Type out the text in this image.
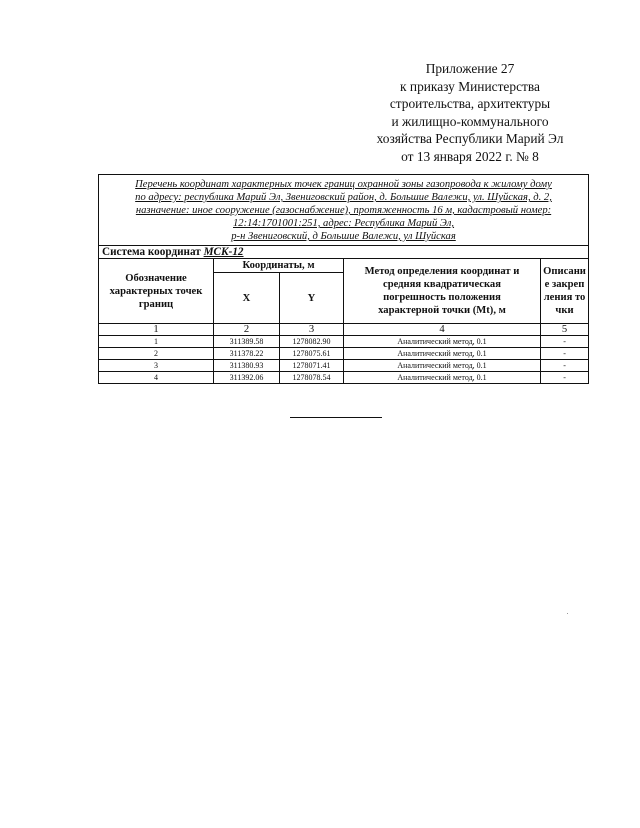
Приложение 27
к приказу Министерства
строительства, архитектуры
и жилищно-коммунального
хозяйства Республики Марий Эл
от 13 января 2022 г. № 8
Перечень координат характерных точек границ охранной зоны газопровода к жилому дому
по адресу: республика Марий Эл, Звениговский район, д. Большие Валежи, ул. Шуйская, д. 2,
назначение: иное сооружение (газоснабжение), протяженность 16 м, кадастровый номер:
12:14:1701001:251, адрес: Республика Марий Эл,
р-н Звениговский, д Большие Валежи, ул Шуйская				

Система координат МСК-12				
Обозначение характерных точек границ	Координаты, м		Метод определения координат и средняя квадратическая погрешность положения характерной точки (Mt), м	Описание закрепления точки
	X	Y		
1	2	3	4	5
1	311389.58	1278082.90	Аналитический метод, 0.1	-
2	311378.22	1278075.61	Аналитический метод, 0.1	-
3	311380.93	1278071.41	Аналитический метод, 0.1	-
4	311392.06	1278078.54	Аналитический метод, 0.1	-
